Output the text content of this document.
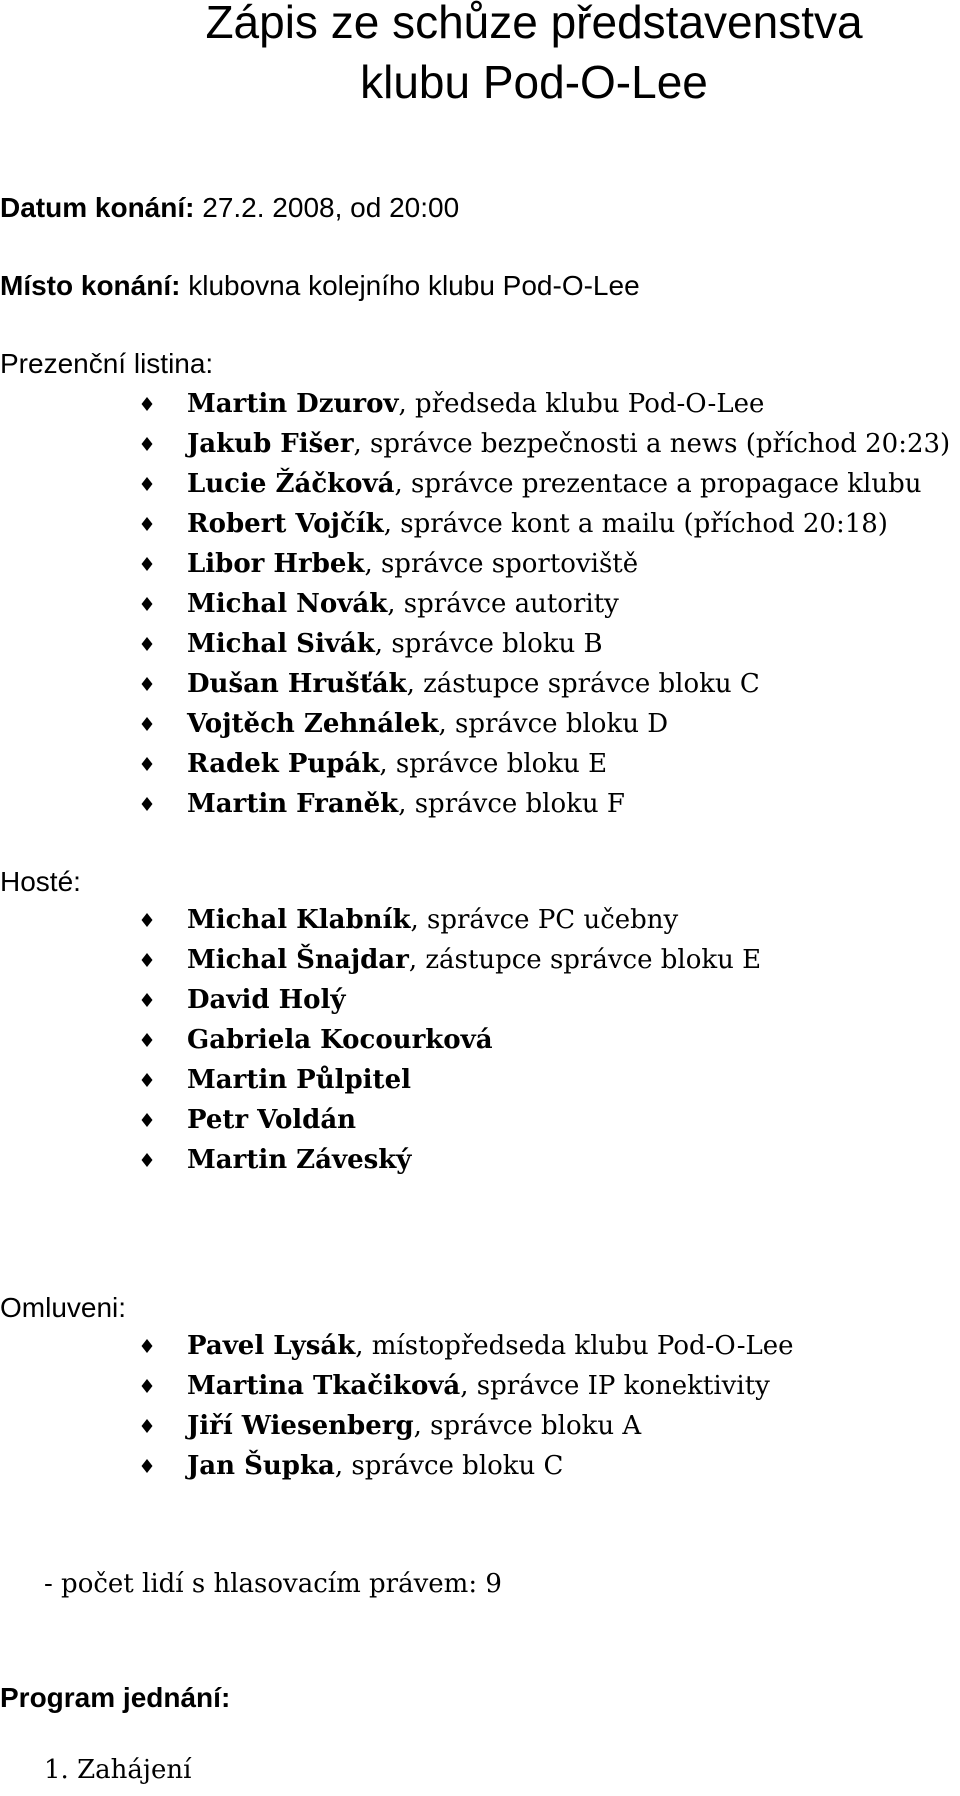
Zápis ze schůze představenstva
klubu Pod-O-Lee
Datum konání: 27.2. 2008, od 20:00
Místo konání: klubovna kolejního klubu Pod-O-Lee
Prezenční listina:
Martin Dzurov, předseda klubu Pod-O-Lee
Jakub Fišer, správce bezpečnosti a news (příchod 20:23)
Lucie Žáčková, správce prezentace a propagace klubu
Robert Vojčík, správce kont a mailu (příchod 20:18)
Libor Hrbek, správce sportoviště
Michal Novák, správce autority
Michal Sivák, správce bloku B
Dušan Hrušťák, zástupce správce bloku C
Vojtěch Zehnálek, správce bloku D
Radek Pupák, správce bloku E
Martin Franěk, správce bloku F
Hosté:
Michal Klabník, správce PC učebny
Michal Šnajdar, zástupce správce bloku E
David Holý
Gabriela Kocourková
Martin Půlpitel
Petr Voldán
Martin Záveský
Omluveni:
Pavel Lysák, místopředseda klubu Pod-O-Lee
Martina Tkačiková, správce IP konektivity
Jiří Wiesenberg, správce bloku A
Jan Šupka, správce bloku C
- počet lidí s hlasovacím právem: 9
Program jednání:
1. Zahájení
